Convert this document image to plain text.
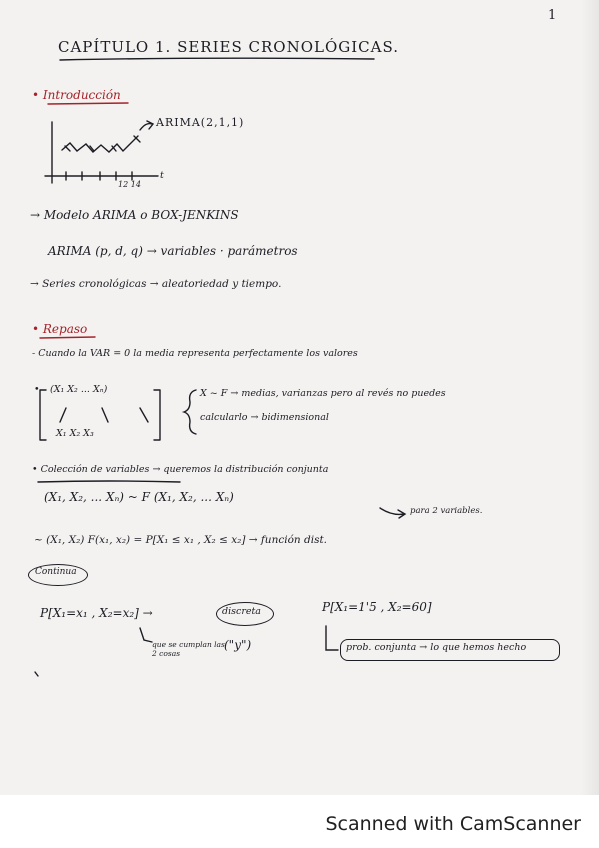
1
CAPÍTULO 1. SERIES CRONOLÓGICAS.
• Introducción
ARIMA(2,1,1)
t
12 14
→ Modelo ARIMA o BOX-JENKINS
ARIMA (p, d, q) → variables · parámetros
→ Series cronológicas → aleatoriedad y tiempo.
• Repaso
- Cuando la VAR = 0 la media representa perfectamente los valores
• (X₁ X₂ ... Xₙ)
X₁ X₂ X₃
X ~ F → medias, varianzas pero al revés no puedes
calcularlo → bidimensional
• Colección de variables → queremos la distribución conjunta
(X₁, X₂, ... Xₙ) ~ F (X₁, X₂, ... Xₙ)
para 2 variables.
~ (X₁, X₂) F(x₁, x₂) = P[X₁ ≤ x₁ , X₂ ≤ x₂] → función dist.
Continua
P[X₁=x₁ , X₂=x₂] →	discreta	P[X₁=1'5 , X₂=60]
que se cumplan las 2 cosas
("y")	prob. conjunta → lo que hemos hecho
Scanned with CamScanner
